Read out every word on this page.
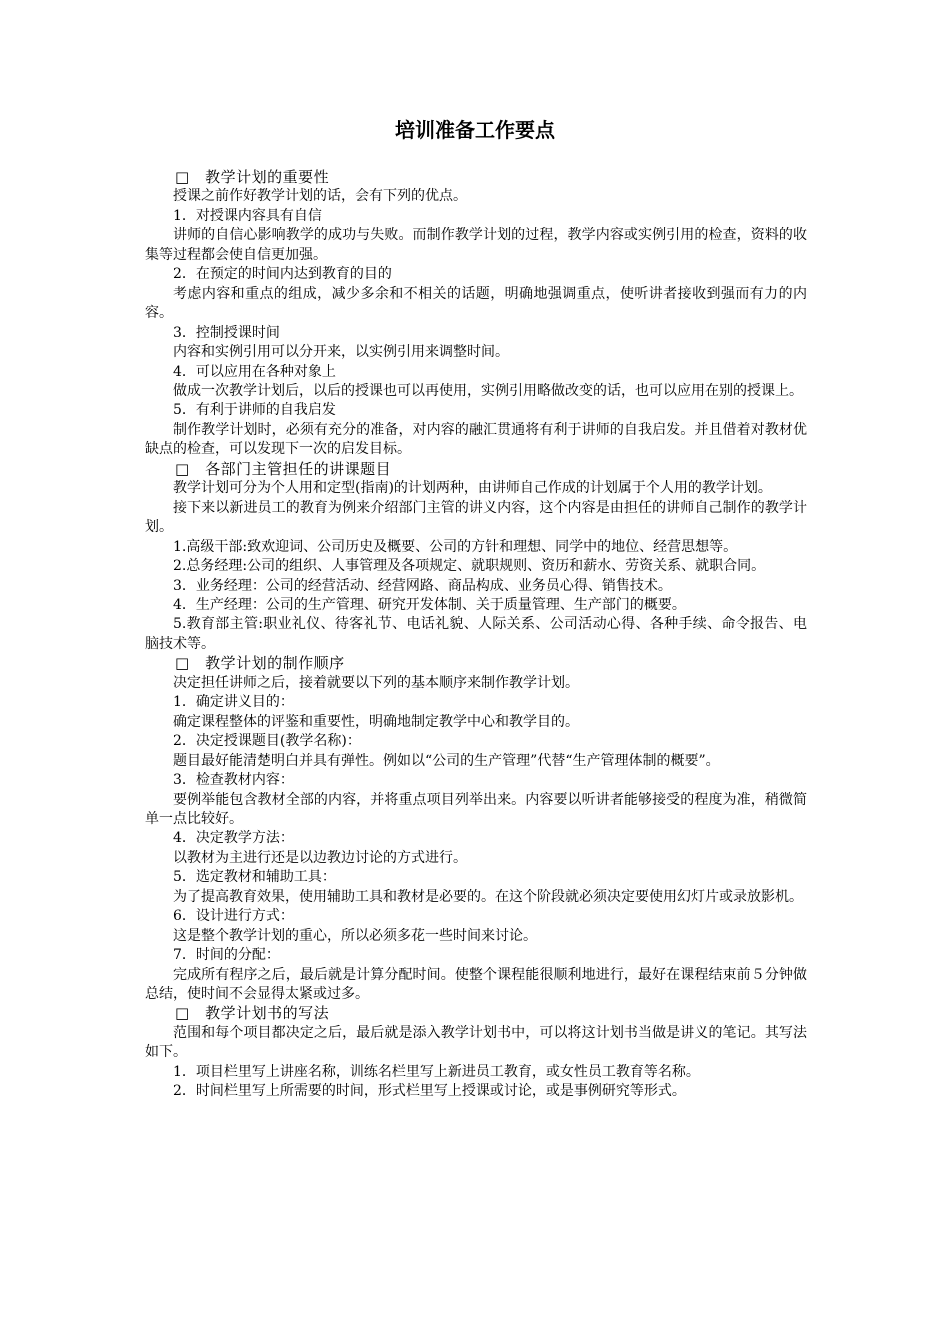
培训准备工作要点

□　教学计划的重要性

授课之前作好教学计划的话，会有下列的优点。

1．对授课内容具有自信

讲师的自信心影响教学的成功与失败。而制作教学计划的过程，教学内容或实例引用的检查，资料的收集等过程都会使自信更加强。

2．在预定的时间内达到教育的目的

考虑内容和重点的组成，减少多余和不相关的话题，明确地强调重点，使听讲者接收到强而有力的内容。

3．控制授课时间

内容和实例引用可以分开来，以实例引用来调整时间。

4．可以应用在各种对象上

做成一次教学计划后，以后的授课也可以再使用，实例引用略做改变的话，也可以应用在别的授课上。

5．有利于讲师的自我启发

制作教学计划时，必须有充分的准备，对内容的融汇贯通将有利于讲师的自我启发。并且借着对教材优缺点的检查，可以发现下一次的启发目标。

□　各部门主管担任的讲课题目

教学计划可分为个人用和定型(指南)的计划两种，由讲师自己作成的计划属于个人用的教学计划。

接下来以新进员工的教育为例来介绍部门主管的讲义内容，这个内容是由担任的讲师自己制作的教学计划。

1.高级干部:致欢迎词、公司历史及概要、公司的方针和理想、同学中的地位、经营思想等。

2.总务经理:公司的组织、人事管理及各项规定、就职规则、资历和薪水、劳资关系、就职合同。

3．业务经理：公司的经营活动、经营网路、商品构成、业务员心得、销售技术。

4．生产经理：公司的生产管理、研究开发体制、关于质量管理、生产部门的概要。

5.教育部主管:职业礼仪、待客礼节、电话礼貌、人际关系、公司活动心得、各种手续、命令报告、电脑技术等。

□　教学计划的制作顺序

决定担任讲师之后，接着就要以下列的基本顺序来制作教学计划。

1．确定讲义目的：

确定课程整体的评鉴和重要性，明确地制定教学中心和教学目的。

2．决定授课题目(教学名称)：

题目最好能清楚明白并具有弹性。例如以“公司的生产管理”代替“生产管理体制的概要”。

3．检查教材内容：

要例举能包含教材全部的内容，并将重点项目列举出来。内容要以听讲者能够接受的程度为准，稍微简单一点比较好。

4．决定教学方法：

以教材为主进行还是以边教边讨论的方式进行。

5．选定教材和辅助工具：

为了提高教育效果，使用辅助工具和教材是必要的。在这个阶段就必须决定要使用幻灯片或录放影机。

6．设计进行方式：

这是整个教学计划的重心，所以必须多花一些时间来讨论。

7．时间的分配：

完成所有程序之后，最后就是计算分配时间。使整个课程能很顺利地进行，最好在课程结束前５分钟做总结，使时间不会显得太紧或过多。

□　教学计划书的写法

范围和每个项目都决定之后，最后就是添入教学计划书中，可以将这计划书当做是讲义的笔记。其写法如下。

1．项目栏里写上讲座名称，训练名栏里写上新进员工教育，或女性员工教育等名称。

2．时间栏里写上所需要的时间，形式栏里写上授课或讨论，或是事例研究等形式。
